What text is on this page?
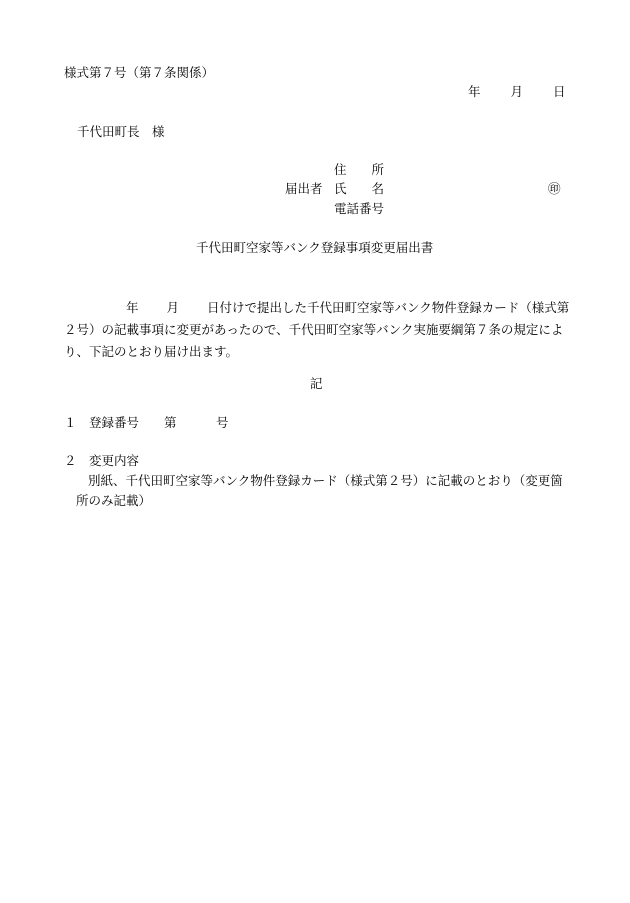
様式第７号（第７条関係）
年 月 日
千代田町長　様
住　　所
届出者 氏　　名	㊞
電話番号
千代田町空家等バンク登録事項変更届出書
年 月 日付けで提出した千代田町空家等バンク物件登録カード（様式第
２号）の記載事項に変更があったので、千代田町空家等バンク実施要綱第７条の規定によ
り、下記のとおり届け出ます。
記
１ 登録番号 第	号
２ 変更内容
別紙、千代田町空家等バンク物件登録カード（様式第２号）に記載のとおり（変更箇
所のみ記載）
